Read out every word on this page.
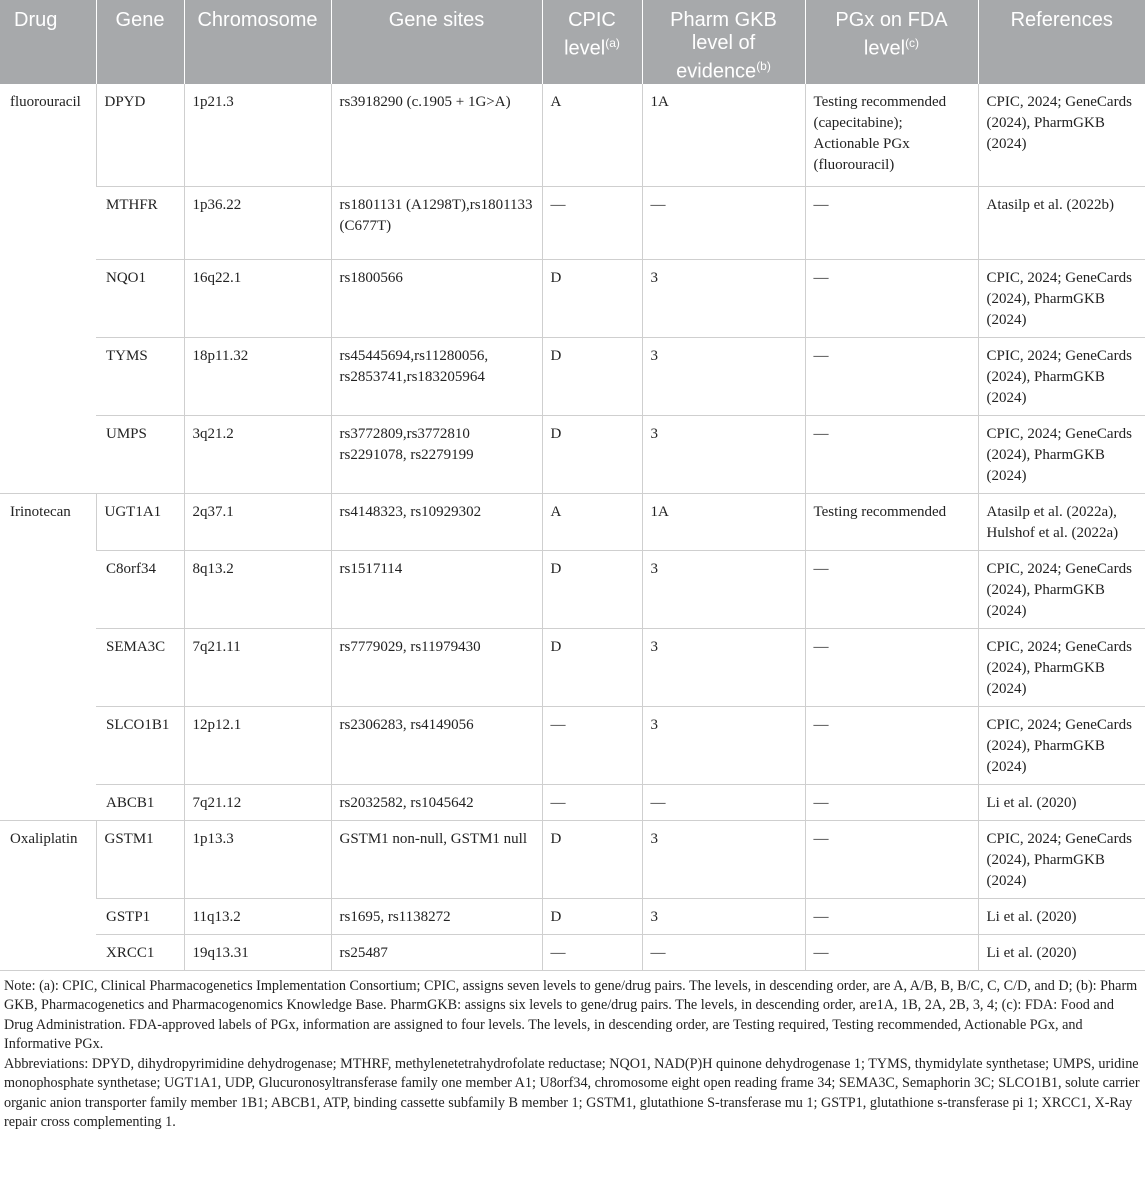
Drug	Gene	Chromosome	Gene sites	CPIC level$^{(a)}$	Pharm GKB level of evidence$^{(b)}$	PGx on FDA level$^{(c)}$	References
fluorouracil	DPYD	1p21.3	rs3918290 (c.1905 + 1G>A)	A	1A	Testing recommended (capecitabine); Actionable PGx (fluorouracil)	CPIC, 2024; GeneCards (2024), PharmGKB (2024)
	MTHFR	1p36.22	rs1801131 (A1298T),rs1801133 (C677T)	—	—	—	Atasilp et al. (2022b)
	NQO1	16q22.1	rs1800566	D	3	—	CPIC, 2024; GeneCards (2024), PharmGKB (2024)
	TYMS	18p11.32	rs45445694,rs11280056, rs2853741,rs183205964	D	3	—	CPIC, 2024; GeneCards (2024), PharmGKB (2024)
	UMPS	3q21.2	rs3772809,rs3772810 rs2291078, rs2279199	D	3	—	CPIC, 2024; GeneCards (2024), PharmGKB (2024)
Irinotecan	UGT1A1	2q37.1	rs4148323, rs10929302	A	1A	Testing recommended	Atasilp et al. (2022a), Hulshof et al. (2022a)
	C8orf34	8q13.2	rs1517114	D	3	—	CPIC, 2024; GeneCards (2024), PharmGKB (2024)
	SEMA3C	7q21.11	rs7779029, rs11979430	D	3	—	CPIC, 2024; GeneCards (2024), PharmGKB (2024)
	SLCO1B1	12p12.1	rs2306283, rs4149056	—	3	—	CPIC, 2024; GeneCards (2024), PharmGKB (2024)
	ABCB1	7q21.12	rs2032582, rs1045642	—	—	—	Li et al. (2020)
Oxaliplatin	GSTM1	1p13.3	GSTM1 non-null, GSTM1 null	D	3	—	CPIC, 2024; GeneCards (2024), PharmGKB (2024)
	GSTP1	11q13.2	rs1695, rs1138272	D	3	—	Li et al. (2020)
	XRCC1	19q13.31	rs25487	—	—	—	Li et al. (2020)

Note: (a): CPIC, Clinical Pharmacogenetics Implementation Consortium; CPIC, assigns seven levels to gene/drug pairs. The levels, in descending order, are A, A/B, B, B/C, C, C/D, and D; (b): Pharm GKB, Pharmacogenetics and Pharmacogenomics Knowledge Base. PharmGKB: assigns six levels to gene/drug pairs. The levels, in descending order, are1A, 1B, 2A, 2B, 3, 4; (c): FDA: Food and Drug Administration. FDA-approved labels of PGx, information are assigned to four levels. The levels, in descending order, are Testing required, Testing recommended, Actionable PGx, and Informative PGx.

Abbreviations: DPYD, dihydropyrimidine dehydrogenase; MTHRF, methylenetetrahydrofolate reductase; NQO1, NAD(P)H quinone dehydrogenase 1; TYMS, thymidylate synthetase; UMPS, uridine monophosphate synthetase; UGT1A1, UDP, Glucuronosyltransferase family one member A1; U8orf34, chromosome eight open reading frame 34; SEMA3C, Semaphorin 3C; SLCO1B1, solute carrier organic anion transporter family member 1B1; ABCB1, ATP, binding cassette subfamily B member 1; GSTM1, glutathione S-transferase mu 1; GSTP1, glutathione s-transferase pi 1; XRCC1, X-Ray repair cross complementing 1.
